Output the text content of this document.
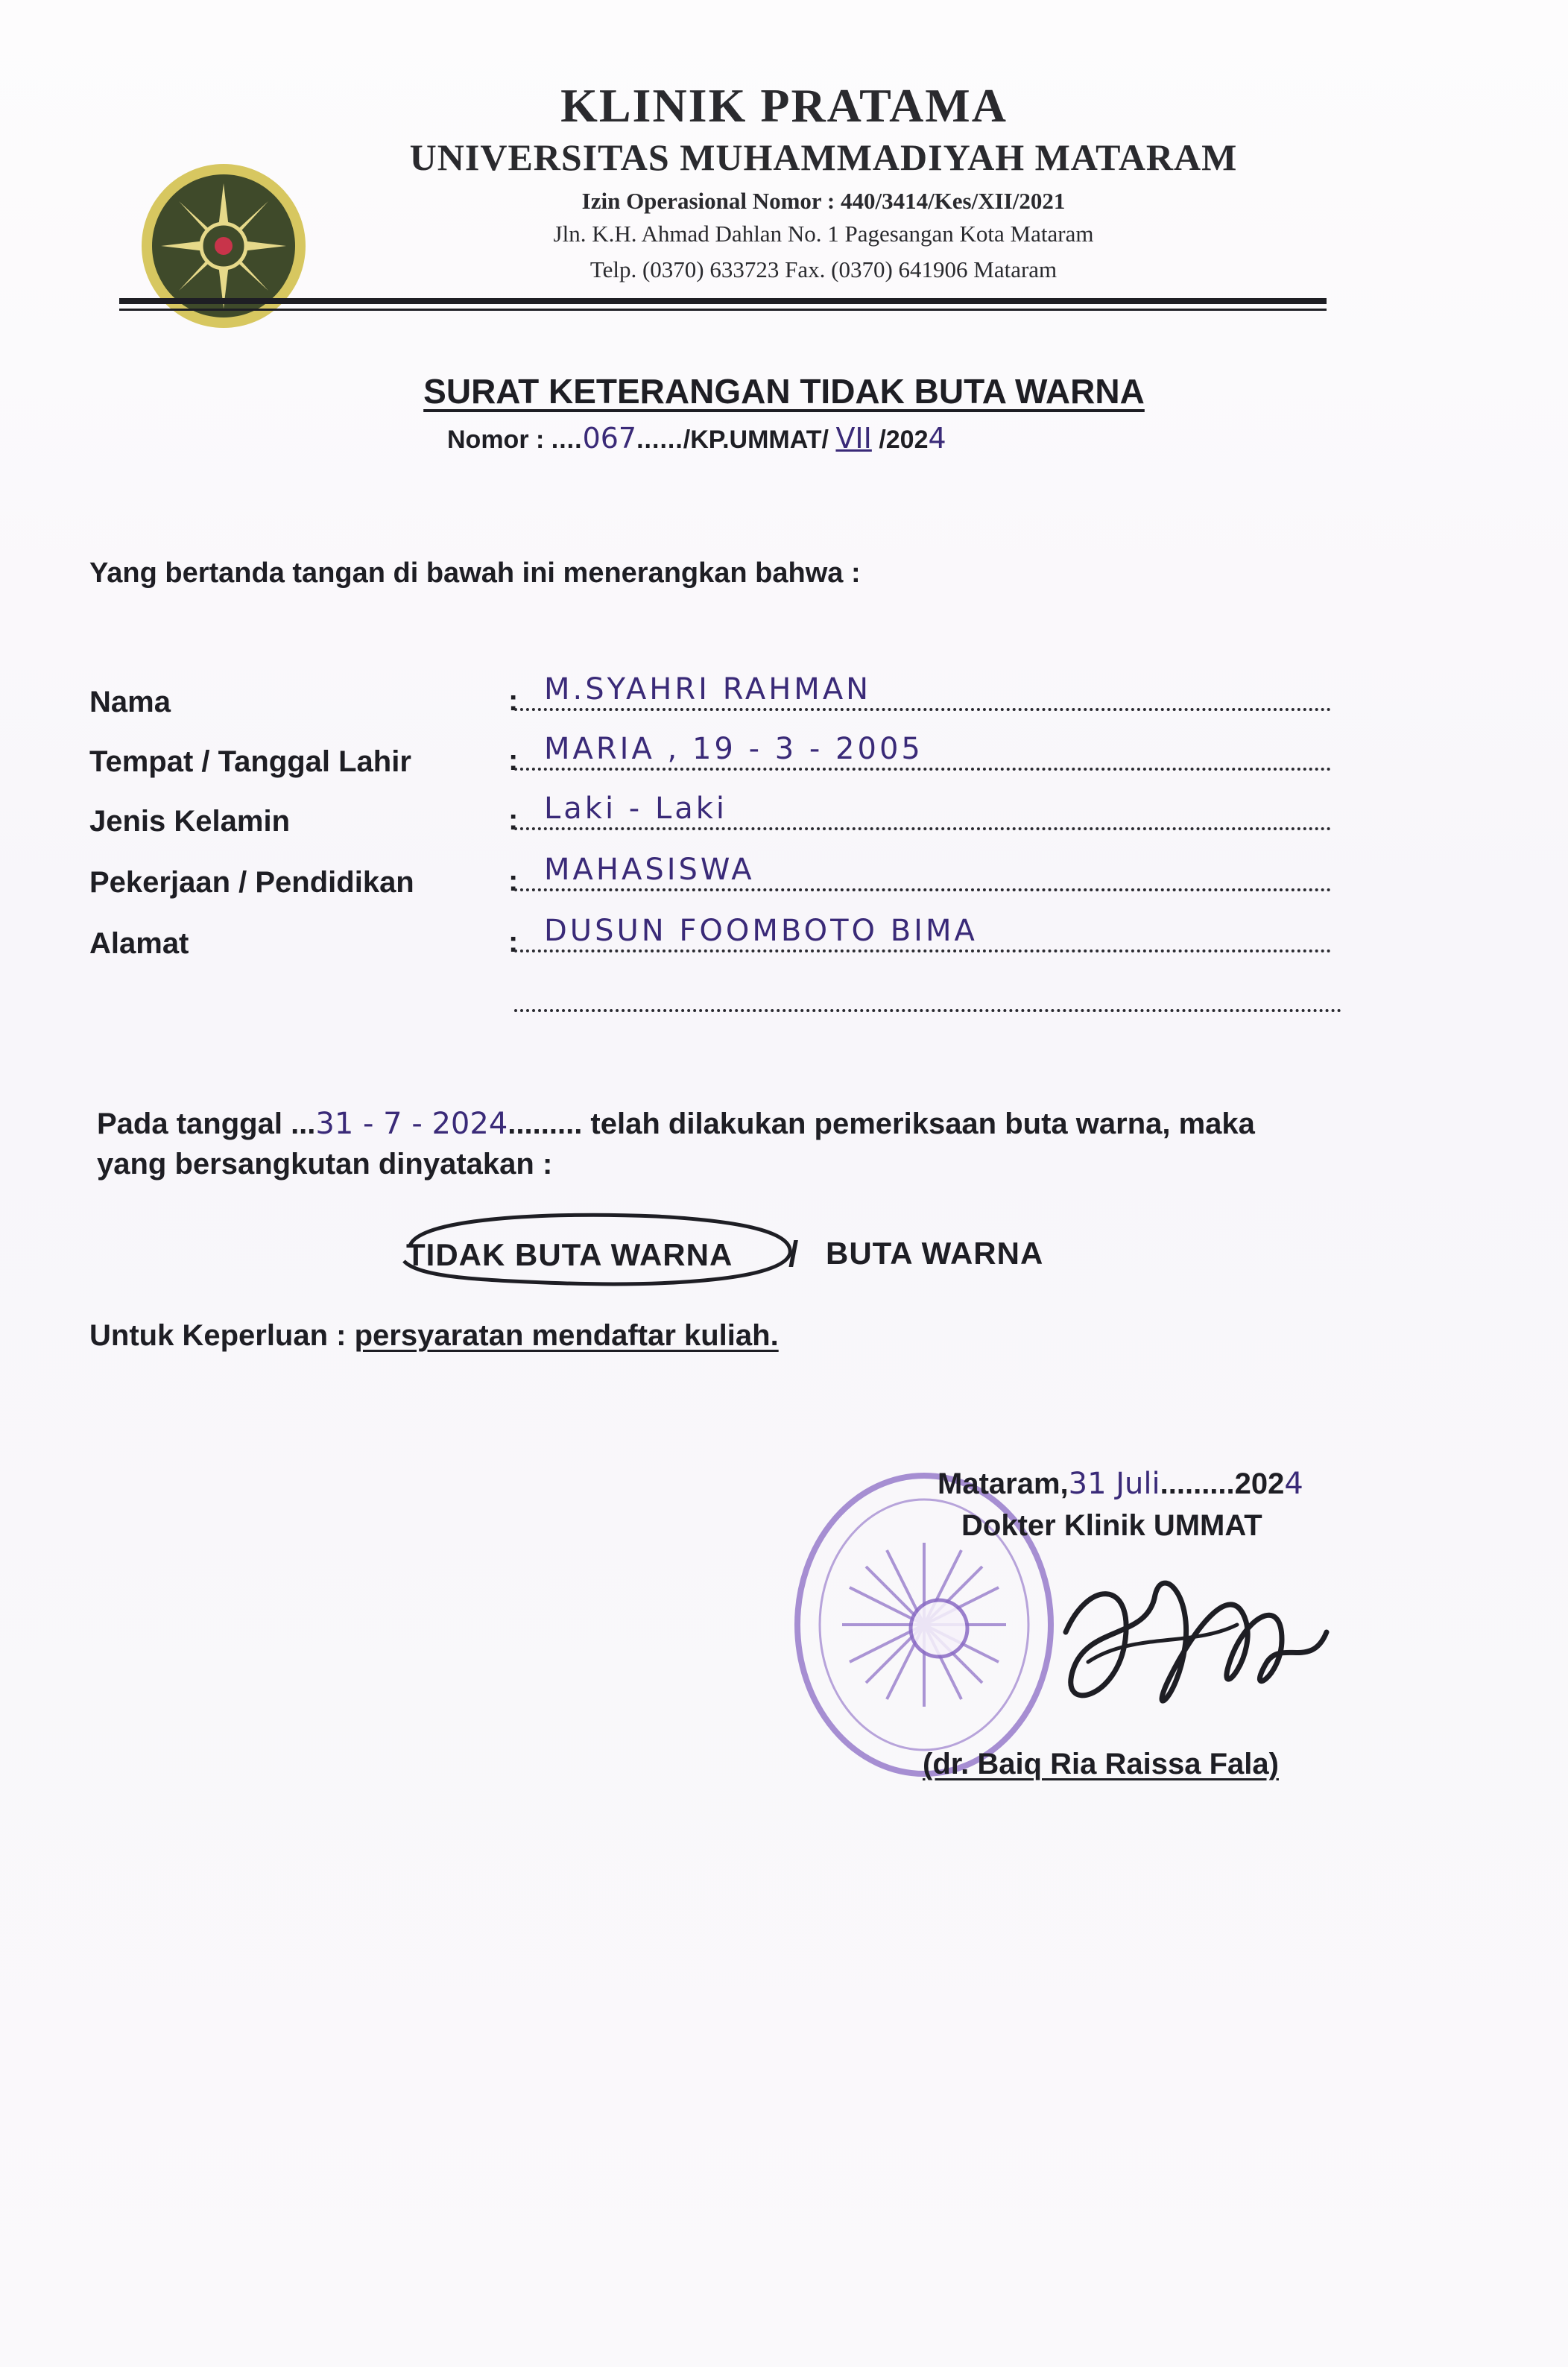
KLINIK PRATAMA
UNIVERSITAS MUHAMMADIYAH MATARAM
Izin Operasional Nomor : 440/3414/Kes/XII/2021
Jln. K.H. Ahmad Dahlan No. 1 Pagesangan Kota Mataram
Telp. (0370) 633723 Fax. (0370) 641906 Mataram
SURAT KETERANGAN TIDAK BUTA WARNA
Nomor : ....067....../KP.UMMAT/ VII /2024
Yang bertanda tangan di bawah ini menerangkan bahwa :
Nama	: M.SYAHRI RAHMAN
Tempat / Tanggal Lahir	: MARIA , 19 - 3 - 2005
Jenis Kelamin	: Laki - Laki
Pekerjaan / Pendidikan	: MAHASISWA
Alamat	: DUSUN FOOMBOTO BIMA
Pada tanggal ...31 - 7 - 2024......... telah dilakukan pemeriksaan buta warna, maka
yang bersangkutan dinyatakan :
TIDAK BUTA WARNA / BUTA WARNA
Untuk Keperluan : persyaratan mendaftar kuliah.
Mataram,31 Juli.........2024
Dokter Klinik UMMAT
(dr. Baiq Ria Raissa Fala)
